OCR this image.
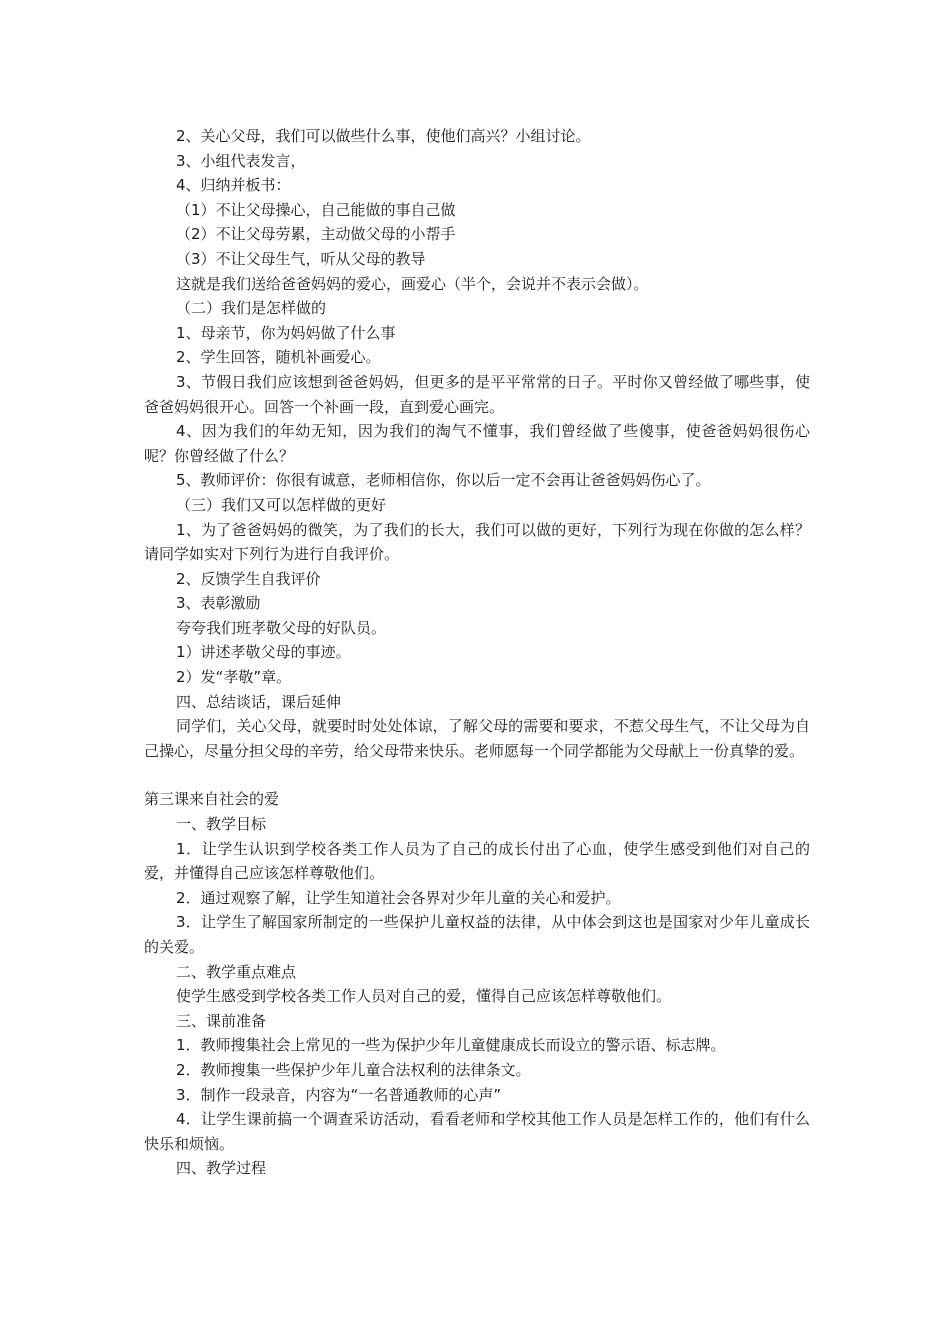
2、关心父母，我们可以做些什么事，使他们高兴？小组讨论。

3、小组代表发言，

4、归纳并板书：

（1）不让父母操心，自己能做的事自己做

（2）不让父母劳累，主动做父母的小帮手

（3）不让父母生气，听从父母的教导

这就是我们送给爸爸妈妈的爱心，画爱心（半个，会说并不表示会做）。

（二）我们是怎样做的

1、母亲节，你为妈妈做了什么事

2、学生回答，随机补画爱心。

3、节假日我们应该想到爸爸妈妈，但更多的是平平常常的日子。平时你又曾经做了哪些事，使爸爸妈妈很开心。回答一个补画一段，直到爱心画完。

4、因为我们的年幼无知，因为我们的淘气不懂事，我们曾经做了些傻事，使爸爸妈妈很伤心呢？你曾经做了什么？

5、教师评价：你很有诚意，老师相信你，你以后一定不会再让爸爸妈妈伤心了。

（三）我们又可以怎样做的更好

1、为了爸爸妈妈的微笑，为了我们的长大，我们可以做的更好，下列行为现在你做的怎么样？请同学如实对下列行为进行自我评价。

2、反馈学生自我评价

3、表彰激励

夸夸我们班孝敬父母的好队员。

1）讲述孝敬父母的事迹。

2）发“孝敬”章。

四、总结谈话，课后延伸

同学们，关心父母，就要时时处处体谅，了解父母的需要和要求，不惹父母生气，不让父母为自己操心，尽量分担父母的辛劳，给父母带来快乐。老师愿每一个同学都能为父母献上一份真挚的爱。

第三课来自社会的爱

一、教学目标

1．让学生认识到学校各类工作人员为了自己的成长付出了心血，使学生感受到他们对自己的爱，并懂得自己应该怎样尊敬他们。

2．通过观察了解，让学生知道社会各界对少年儿童的关心和爱护。

3．让学生了解国家所制定的一些保护儿童权益的法律，从中体会到这也是国家对少年儿童成长的关爱。

二、教学重点难点

使学生感受到学校各类工作人员对自己的爱，懂得自己应该怎样尊敬他们。

三、课前准备

1．教师搜集社会上常见的一些为保护少年儿童健康成长而设立的警示语、标志牌。

2．教师搜集一些保护少年儿童合法权利的法律条文。

3．制作一段录音，内容为“一名普通教师的心声”

4．让学生课前搞一个调查采访活动，看看老师和学校其他工作人员是怎样工作的，他们有什么快乐和烦恼。

四、教学过程
